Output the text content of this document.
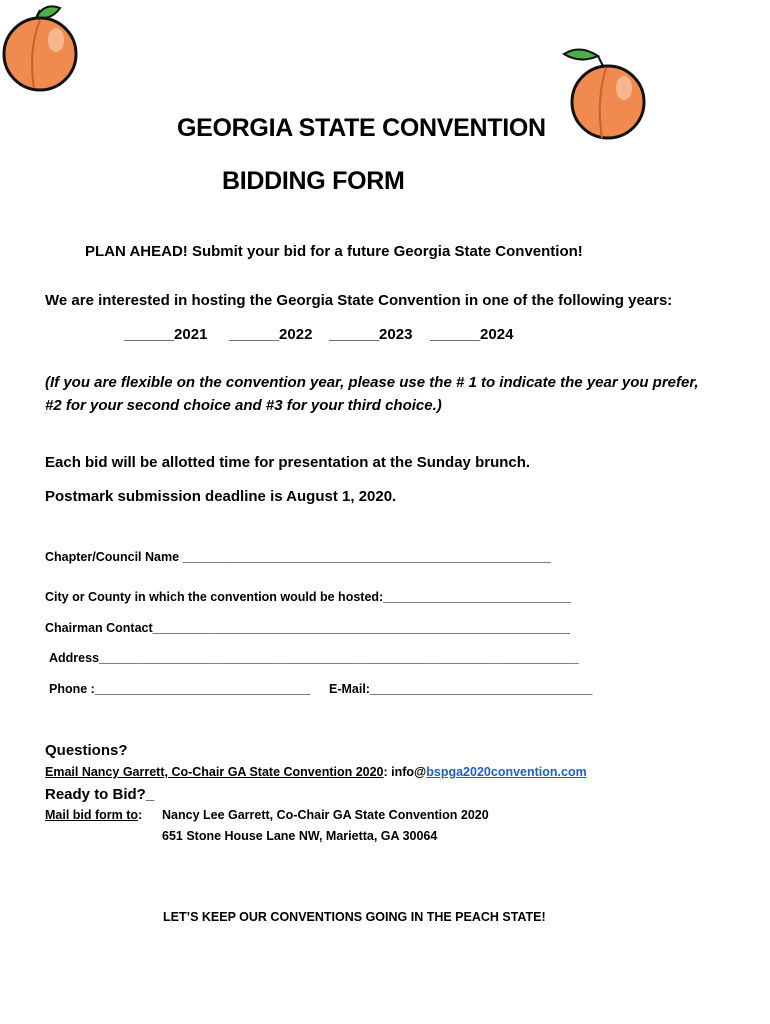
GEORGIA STATE CONVENTION
BIDDING FORM
PLAN AHEAD! Submit your bid for a future Georgia State Convention!
We are interested in hosting the Georgia State Convention in one of the following years:
______2021 ______2022 ______2023 ______2024
(If you are flexible on the convention year, please use the # 1 to indicate the year you prefer,
#2 for your second choice and #3 for your third choice.)
Each bid will be allotted time for presentation at the Sunday brunch.
Postmark submission deadline is August 1, 2020.
Chapter/Council Name _____________________________________________________
City or County in which the convention would be hosted:___________________________
Chairman Contact____________________________________________________________
Address_____________________________________________________________________
Phone :_______________________________ E-Mail:________________________________
Questions?
Email Nancy Garrett, Co-Chair GA State Convention 2020: info@bspga2020convention.com
Ready to Bid?_
Mail bid form to: Nancy Lee Garrett, Co-Chair GA State Convention 2020
651 Stone House Lane NW, Marietta, GA 30064
LET’S KEEP OUR CONVENTIONS GOING IN THE PEACH STATE!
